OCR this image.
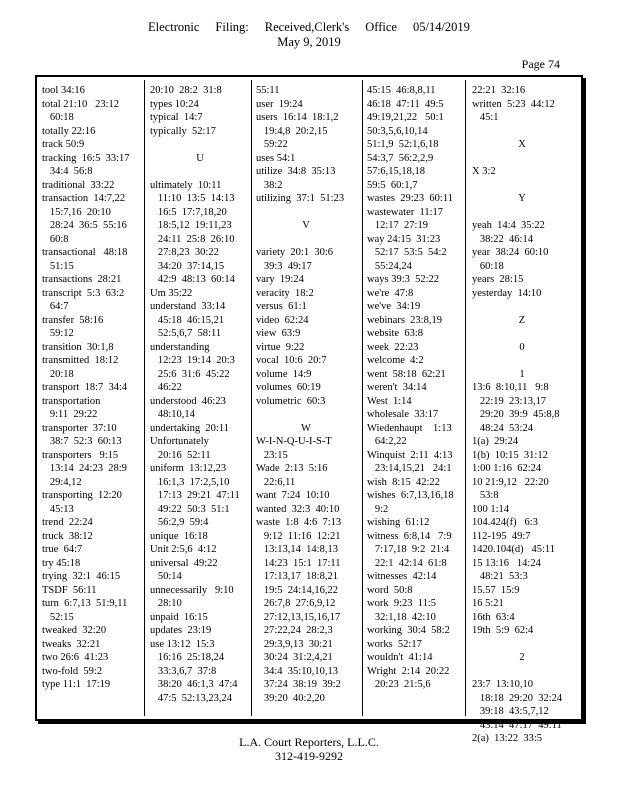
Electronic Filing: Received,Clerk's Office 05/14/2019
May 9, 2019
Page 74
tool 34:16
total 21:10   23:12
60:18
totally 22:16
track 50:9
tracking  16:5  33:17
34:4  56:8
traditional  33:22
transaction  14:7,22
15:7,16  20:10
28:24  36:5  55:16
60:8
transactional   48:18
51:15
transactions  28:21
transcript  5:3  63:2
64:7
transfer  58:16
59:12
transition  30:1,8
transmitted  18:12
20:18
transport  18:7  34:4
transportation
9:11  29:22
transporter  37:10
38:7  52:3  60:13
transporters   9:15
13:14  24:23  28:9
29:4,12
transporting  12:20
45:13
trend  22:24
truck  38:12
true  64:7
try 45:18
trying  32:1  46:15
TSDF  56:11
turn  6:7,13  51:9,11
52:15
tweaked  32:20
tweaks  32:21
two 26:6  41:23
two-fold  59:2
type 11:1  17:19
20:10  28:2  31:8
types 10:24
typical  14:7
typically  52:17
U
ultimately  10:11
11:10  13:5  14:13
16:5  17:7,18,20
18:5,12  19:11,23
24:11  25:8  26:10
27:8,23  30:22
34:20  37:14,15
42:9  48:13  60:14
Um 35:22
understand  33:14
45:18  46:15,21
52:5,6,7  58:11
understanding
12:23  19:14  20:3
25:6  31:6  45:22
46:22
understood  46:23
48:10,14
undertaking  20:11
Unfortunately
20:16  52:11
uniform  13:12,23
16:1,3  17:2,5,10
17:13  29:21  47:11
49:22  50:3  51:1
56:2,9  59:4
unique  16:18
Unit 2:5,6  4:12
universal  49:22
50:14
unnecessarily   9:10
28:10
unpaid  16:15
updates  23:19
use 13:12  15:3
16:16  25:18,24
33:3,6,7  37:8
38:20  46:1,3  47:4
47:5  52:13,23,24
55:11
user  19:24
users  16:14  18:1,2
19:4,8  20:2,15
59:22
uses 54:1
utilize  34:8  35:13
38:2
utilizing  37:1  51:23
V
variety  20:1  30:6
39:3  49:17
vary  19:24
veracity  18:2
versus  61:1
video  62:24
view  63:9
virtue  9:22
vocal  10:6  20:7
volume  14:9
volumes  60:19
volumetric  60:3
W
W-I-N-Q-U-I-S-T
23:15
Wade  2:13  5:16
22:6,11
want  7:24  10:10
wanted  32:3  40:10
waste  1:8  4:6  7:13
9:12  11:16  12:21
13:13,14  14:8,13
14:23  15:1  17:11
17:13,17  18:8,21
19:5  24:14,16,22
26:7,8  27:6,9,12
27:12,13,15,16,17
27:22,24  28:2,3
29:3,9,13  30:21
30:24  31:2,4,21
34:4  35:10,10,13
37:24  38:19  39:2
39:20  40:2,20
45:15  46:8,8,11
46:18  47:11  49:5
49:19,21,22   50:1
50:3,5,6,10,14
51:1,9  52:1,6,18
54:3,7  56:2,2,9
57:6,15,18,18
59:5  60:1,7
wastes  29:23  60:11
wastewater  11:17
12:17  27:19
way 24:15  31:23
52:17  53:5  54:2
55:24,24
ways 39:3  52:22
we're  47:8
we've  34:19
webinars  23:8,19
website  63:8
week  22:23
welcome  4:2
went  58:18  62:21
weren't  34:14
West  1:14
wholesale  33:17
Wiedenhaupt    1:13
64:2,22
Winquist  2:11  4:13
23:14,15,21   24:1
wish  8:15  42:22
wishes  6:7,13,16,18
9:2
wishing  61:12
witness  6:8,14   7:9
7:17,18  9:2  21:4
22:1  42:14  61:8
witnesses  42:14
word  50:8
work  9:23  11:5
32:1,18  42:10
working  30:4  58:2
works  52:17
wouldn't  41:14
Wright  2:14  20:22
20:23  21:5,6
22:21  32:16
written  5:23  44:12
45:1
X
X 3:2
Y
yeah  14:4  35:22
38:22  46:14
year  38:24  60:10
60:18
years  28:15
yesterday  14:10
Z
0
1
13:6  8:10,11   9:8
22:19  23:13,17
29:20  39:9  45:8,8
48:24  53:24
1(a)  29:24
1(b)  10:15  31:12
1:00 1:16  62:24
10 21:9,12   22:20
53:8
100 1:14
104.424(f)   6:3
112-195  49:7
1420.104(d)   45:11
15 13:16   14:24
48:21  53:3
15.57  15:9
16 5:21
16th  63:4
19th  5:9  62:4
2
23:7  13:10,10
18:18  29:20  32:24
39:18  43:5,7,12
43:14  47:17  49:11
2(a)  13:22  33:5
L.A. Court Reporters, L.L.C.
312-419-9292
